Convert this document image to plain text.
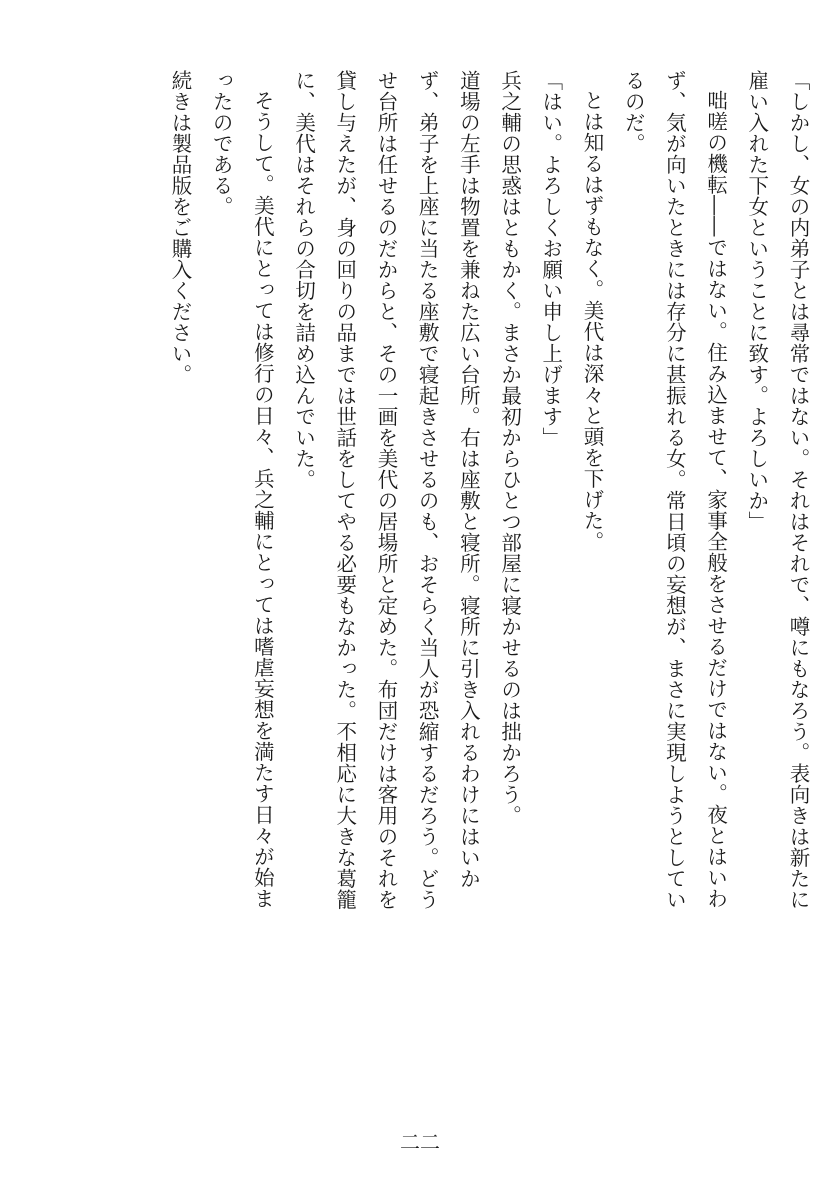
「しかし、女の内弟子とは尋常ではない。それはそれで、噂にもなろう。表向きは新たに
雇い入れた下女ということに致す。よろしいか」
咄嗟の機転――ではない。住み込ませて、家事全般をさせるだけではない。夜とはいわ
ず、気が向いたときには存分に甚振れる女。常日頃の妄想が、まさに実現しようとしてい
るのだ。
とは知るはずもなく。美代は深々と頭を下げた。
「はい。よろしくお願い申し上げます」
兵之輔の思惑はともかく。まさか最初からひとつ部屋に寝かせるのは拙かろう。
道場の左手は物置を兼ねた広い台所。右は座敷と寝所。寝所に引き入れるわけにはいか
ず、弟子を上座に当たる座敷で寝起きさせるのも、おそらく当人が恐縮するだろう。どう
せ台所は任せるのだからと、その一画を美代の居場所と定めた。布団だけは客用のそれを
貸し与えたが、身の回りの品までは世話をしてやる必要もなかった。不相応に大きな葛籠
に、美代はそれらの合切を詰め込んでいた。
そうして。美代にとっては修行の日々、兵之輔にとっては嗜虐妄想を満たす日々が始ま
ったのである。
続きは製品版をご購入ください。
二二
